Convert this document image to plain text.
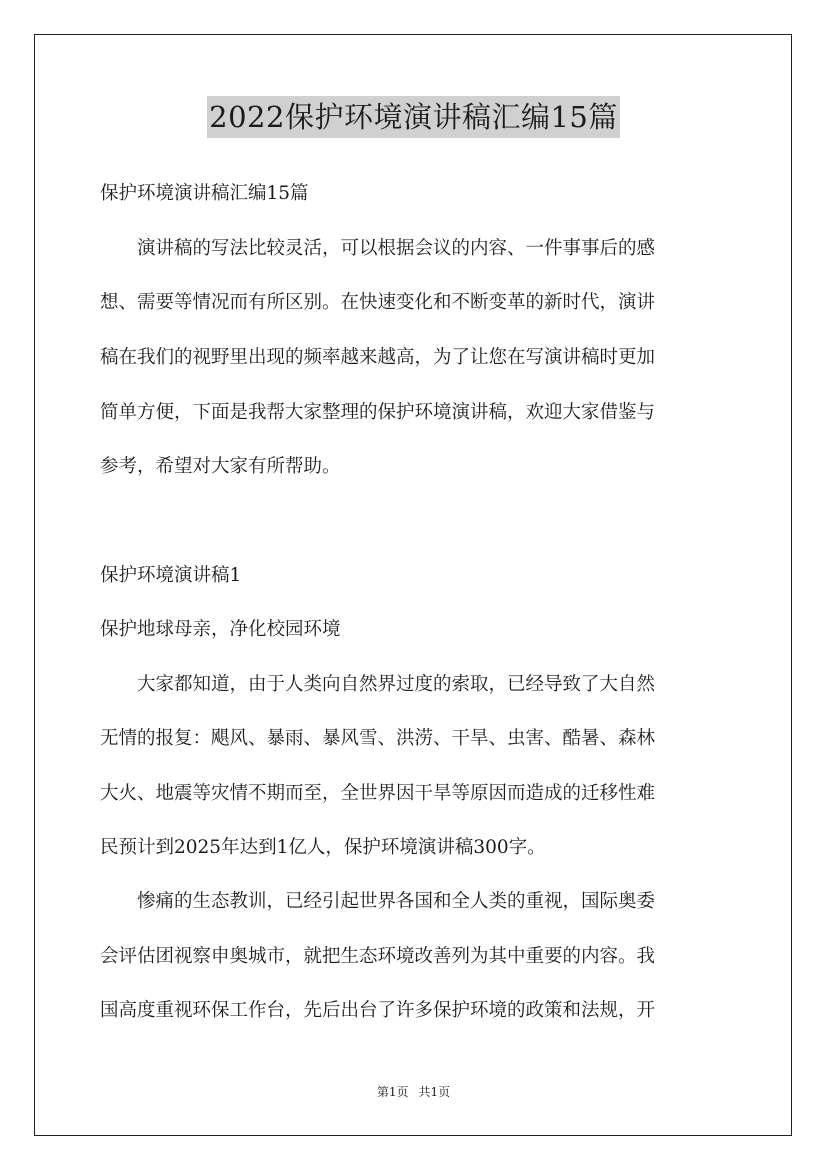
2022保护环境演讲稿汇编15篇
保护环境演讲稿汇编15篇
　　演讲稿的写法比较灵活，可以根据会议的内容、一件事事后的感
想、需要等情况而有所区别。在快速变化和不断变革的新时代，演讲
稿在我们的视野里出现的频率越来越高，为了让您在写演讲稿时更加
简单方便，下面是我帮大家整理的保护环境演讲稿，欢迎大家借鉴与
参考，希望对大家有所帮助。
保护环境演讲稿1
保护地球母亲，净化校园环境
　　大家都知道，由于人类向自然界过度的索取，已经导致了大自然
无情的报复：飓风、暴雨、暴风雪、洪涝、干旱、虫害、酷暑、森林
大火、地震等灾情不期而至，全世界因干旱等原因而造成的迁移性难
民预计到2025年达到1亿人，保护环境演讲稿300字。
　　惨痛的生态教训，已经引起世界各国和全人类的重视，国际奥委
会评估团视察申奥城市，就把生态环境改善列为其中重要的内容。我
国高度重视环保工作台，先后出台了许多保护环境的政策和法规，开
第1页 共1页
